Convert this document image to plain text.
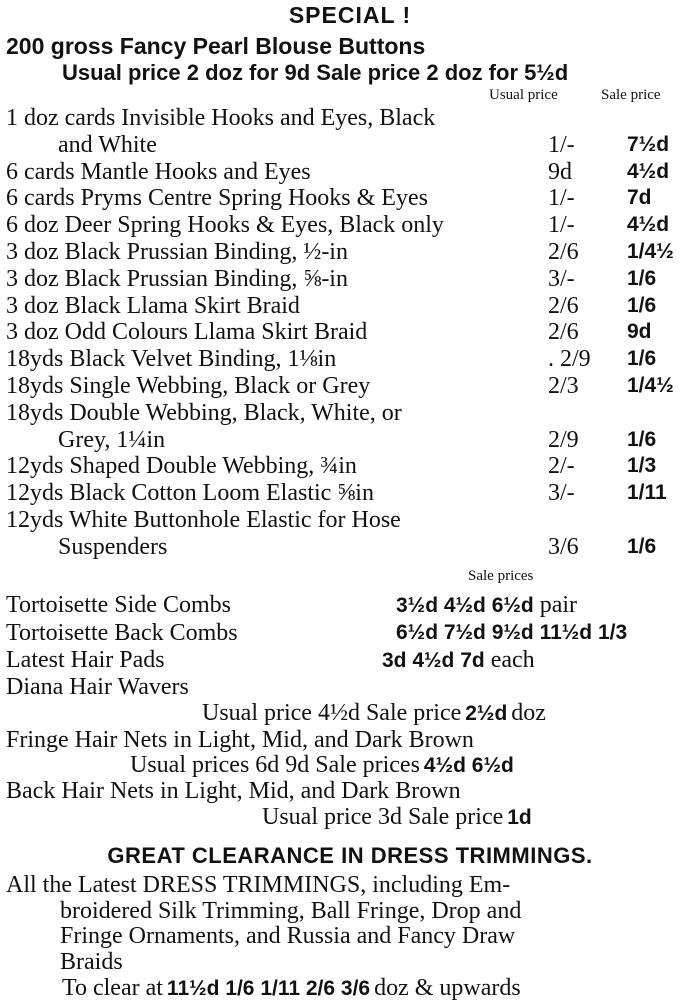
SPECIAL !
200 gross Fancy Pearl Blouse Buttons
Usual price 2 doz for 9d Sale price 2 doz for 5½d
Usual price	Sale price
1 doz cards Invisible Hooks and Eyes, Black
and White	1/- 7½d
6 cards Mantle Hooks and Eyes	9d	4½d
6 cards Pryms Centre Spring Hooks & Eyes	1/- 7d
6 doz Deer Spring Hooks & Eyes, Black only	1/- 4½d
3 doz Black Prussian Binding, ½-in	2/6 1/4½
3 doz Black Prussian Binding, ⅝-in	3/- 1/6
3 doz Black Llama Skirt Braid	2/6 1/6
3 doz Odd Colours Llama Skirt Braid	2/6 9d
18yds Black Velvet Binding, 1⅛in	. 2/9 1/6
18yds Single Webbing, Black or Grey	2/3 1/4½
18yds Double Webbing, Black, White, or
Grey, 1¼in	2/9 1/6
12yds Shaped Double Webbing, ¾in	2/- 1/3
12yds Black Cotton Loom Elastic ⅝in	3/- 1/11
12yds White Buttonhole Elastic for Hose
Suspenders	3/6 1/6
Sale prices
Tortoisette Side Combs	3½d 4½d 6½d pair
Tortoisette Back Combs	6½d 7½d 9½d 11½d 1/3
Latest Hair Pads	3d 4½d 7d each
Diana Hair Wavers
Usual price 4½d Sale price 2½d doz
Fringe Hair Nets in Light, Mid, and Dark Brown
Usual prices 6d 9d Sale prices 4½d 6½d
Back Hair Nets in Light, Mid, and Dark Brown
Usual price 3d Sale price 1d
GREAT CLEARANCE IN DRESS TRIMMINGS.
All the Latest DRESS TRIMMINGS, including Em-
broidered Silk Trimming, Ball Fringe, Drop and
Fringe Ornaments, and Russia and Fancy Draw
Braids
To clear at 11½d 1/6 1/11 2/6 3/6 doz & upwards
